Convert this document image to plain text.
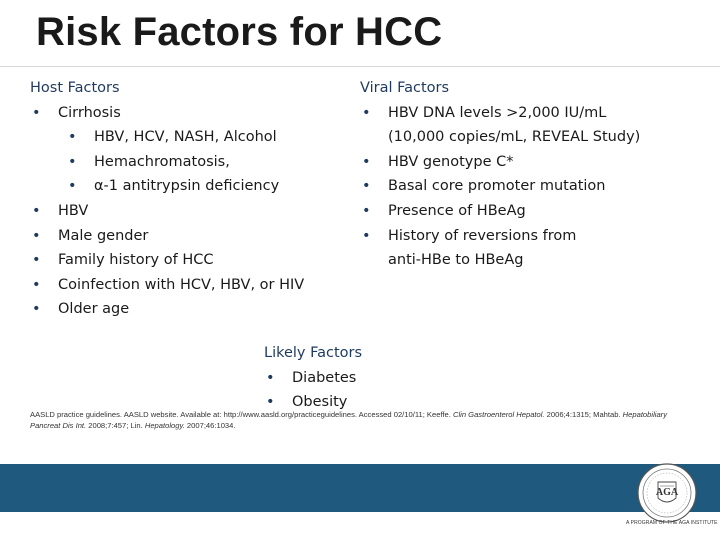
Risk Factors for HCC
Host Factors
• Cirrhosis
• HBV, HCV, NASH, Alcohol
• Hemachromatosis,
• α-1 antitrypsin deficiency
• HBV
• Male gender
• Family history of HCC
• Coinfection with HCV, HBV, or HIV
• Older age
Viral Factors
• HBV DNA levels >2,000 IU/mL
(10,000 copies/mL, REVEAL Study)
• HBV genotype C*
• Basal core promoter mutation
• Presence of HBeAg
• History of reversions from
anti-HBe to HBeAg
Likely Factors
• Diabetes
• Obesity
AASLD practice guidelines. AASLD website. Available at: http://www.aasld.org/practiceguidelines. Accessed 02/10/11; Keeffe. Clin Gastroenterol Hepatol. 2006;4:1315; Mahtab. Hepatobiliary Pancreat Dis Int. 2008;7:457; Lin. Hepatology. 2007;46:1034.
AGA
A PROGRAM OF THE AGA INSTITUTE
